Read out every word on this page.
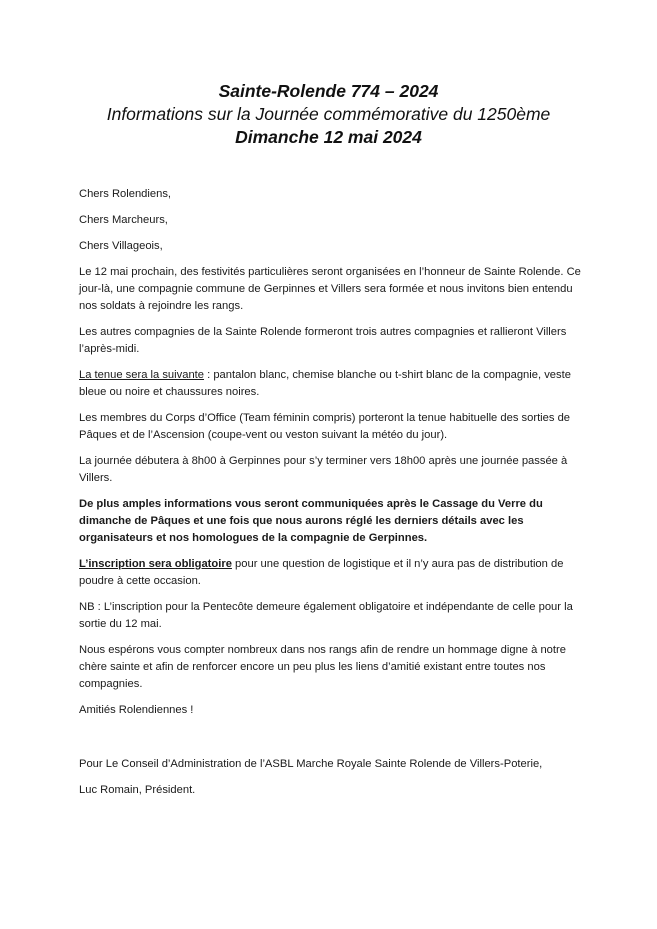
Sainte-Rolende 774 – 2024
Informations sur la Journée commémorative du 1250ème
Dimanche 12 mai 2024

Chers Rolendiens,

Chers Marcheurs,

Chers Villageois,

Le 12 mai prochain, des festivités particulières seront organisées en l’honneur de Sainte Rolende. Ce jour-là, une compagnie commune de Gerpinnes et Villers sera formée et nous invitons bien entendu nos soldats à rejoindre les rangs.

Les autres compagnies de la Sainte Rolende formeront trois autres compagnies et rallieront Villers l’après-midi.

La tenue sera la suivante : pantalon blanc, chemise blanche ou t-shirt blanc de la compagnie, veste bleue ou noire et chaussures noires.

Les membres du Corps d’Office (Team féminin compris) porteront la tenue habituelle des sorties de Pâques et de l’Ascension (coupe-vent ou veston suivant la météo du jour).

La journée débutera à 8h00 à Gerpinnes pour s’y terminer vers 18h00 après une journée passée à Villers.

De plus amples informations vous seront communiquées après le Cassage du Verre du dimanche de Pâques et une fois que nous aurons réglé les derniers détails avec les organisateurs et nos homologues de la compagnie de Gerpinnes.

L’inscription sera obligatoire pour une question de logistique et il n’y aura pas de distribution de poudre à cette occasion.

NB : L’inscription pour la Pentecôte demeure également obligatoire et indépendante de celle pour la sortie du 12 mai.

Nous espérons vous compter nombreux dans nos rangs afin de rendre un hommage digne à notre chère sainte et afin de renforcer encore un peu plus les liens d’amitié existant entre toutes nos compagnies.

Amitiés Rolendiennes !

Pour Le Conseil d’Administration de l’ASBL Marche Royale Sainte Rolende de Villers-Poterie,

Luc Romain, Président.
